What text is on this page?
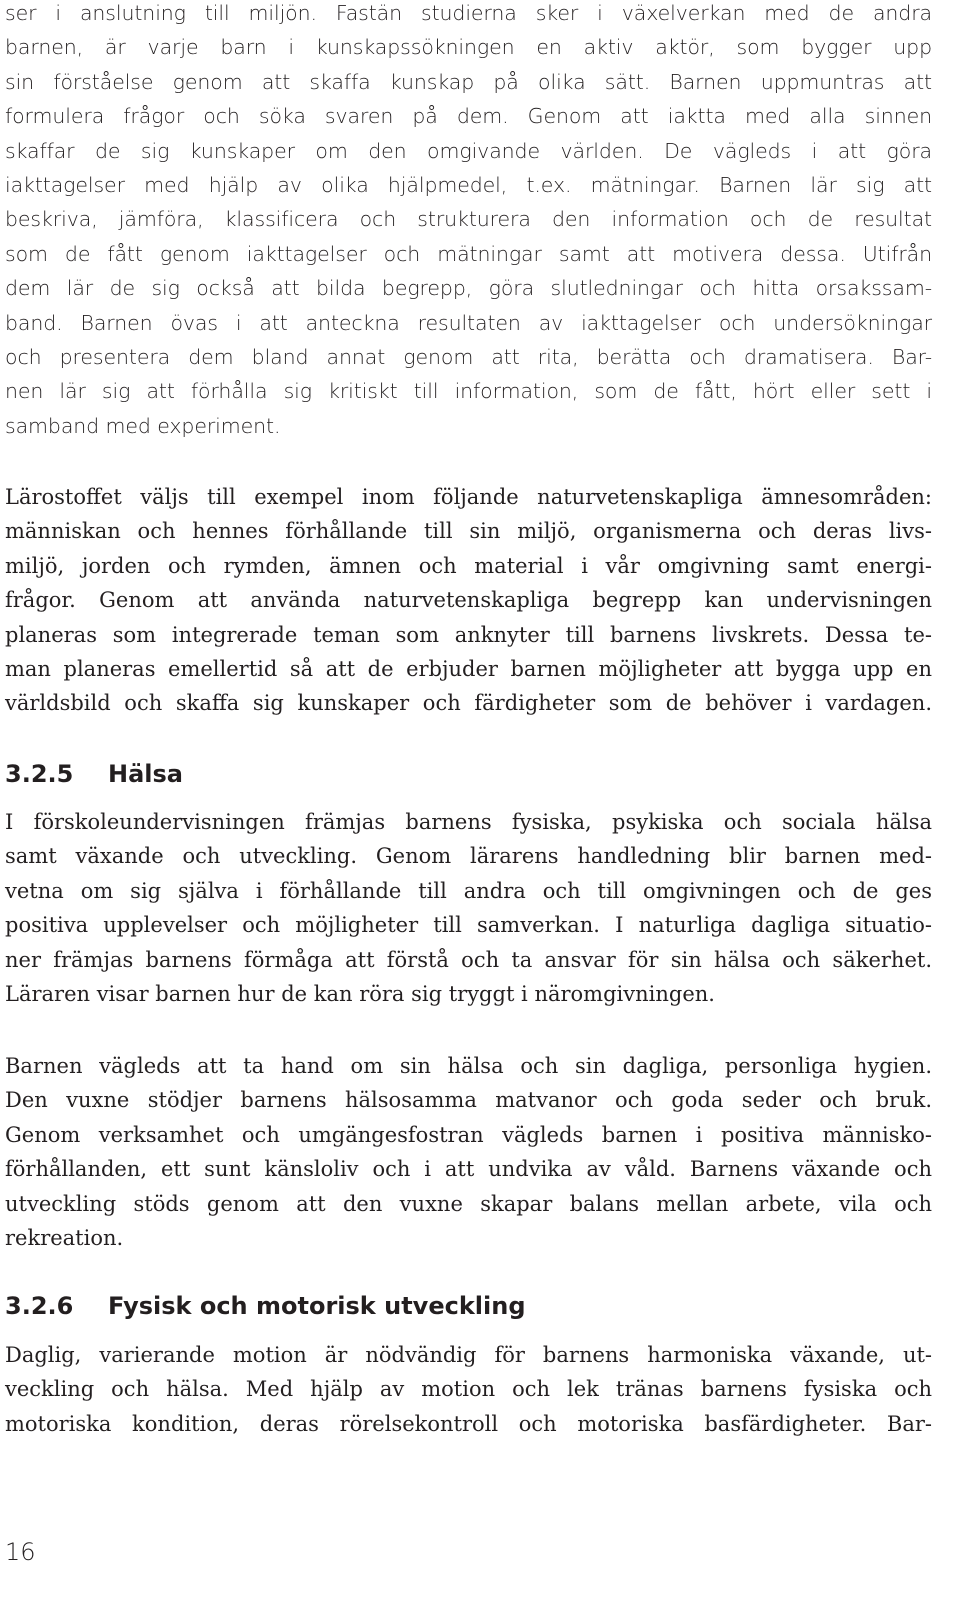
ser i anslutning till miljön. Fastän studierna sker i växelverkan med de andra
barnen, är varje barn i kunskapssökningen en aktiv aktör, som bygger upp
sin förståelse genom att skaffa kunskap på olika sätt. Barnen uppmuntras att
formulera frågor och söka svaren på dem. Genom att iaktta med alla sinnen
skaffar de sig kunskaper om den omgivande världen. De vägleds i att göra
iakttagelser med hjälp av olika hjälpmedel, t.ex. mätningar. Barnen lär sig att
beskriva, jämföra, klassificera och strukturera den information och de resultat
som de fått genom iakttagelser och mätningar samt att motivera dessa. Utifrån
dem lär de sig också att bilda begrepp, göra slutledningar och hitta orsakssam-
band. Barnen övas i att anteckna resultaten av iakttagelser och undersökningar
och presentera dem bland annat genom att rita, berätta och dramatisera. Bar-
nen lär sig att förhålla sig kritiskt till information, som de fått, hört eller sett i
samband med experiment.
Lärostoffet väljs till exempel inom följande naturvetenskapliga ämnesområden:
människan och hennes förhållande till sin miljö, organismerna och deras livs-
miljö, jorden och rymden, ämnen och material i vår omgivning samt energi-
frågor. Genom att använda naturvetenskapliga begrepp kan undervisningen
planeras som integrerade teman som anknyter till barnens livskrets. Dessa te-
man planeras emellertid så att de erbjuder barnen möjligheter att bygga upp en
världsbild och skaffa sig kunskaper och färdigheter som de behöver i vardagen.
3.2.5 Hälsa
I förskoleundervisningen främjas barnens fysiska, psykiska och sociala hälsa
samt växande och utveckling. Genom lärarens handledning blir barnen med-
vetna om sig själva i förhållande till andra och till omgivningen och de ges
positiva upplevelser och möjligheter till samverkan. I naturliga dagliga situatio-
ner främjas barnens förmåga att förstå och ta ansvar för sin hälsa och säkerhet.
Läraren visar barnen hur de kan röra sig tryggt i näromgivningen.
Barnen vägleds att ta hand om sin hälsa och sin dagliga, personliga hygien.
Den vuxne stödjer barnens hälsosamma matvanor och goda seder och bruk.
Genom verksamhet och umgängesfostran vägleds barnen i positiva människo-
förhållanden, ett sunt känsloliv och i att undvika av våld. Barnens växande och
utveckling stöds genom att den vuxne skapar balans mellan arbete, vila och
rekreation.
3.2.6 Fysisk och motorisk utveckling
Daglig, varierande motion är nödvändig för barnens harmoniska växande, ut-
veckling och hälsa. Med hjälp av motion och lek tränas barnens fysiska och
motoriska kondition, deras rörelsekontroll och motoriska basfärdigheter. Bar-

16
